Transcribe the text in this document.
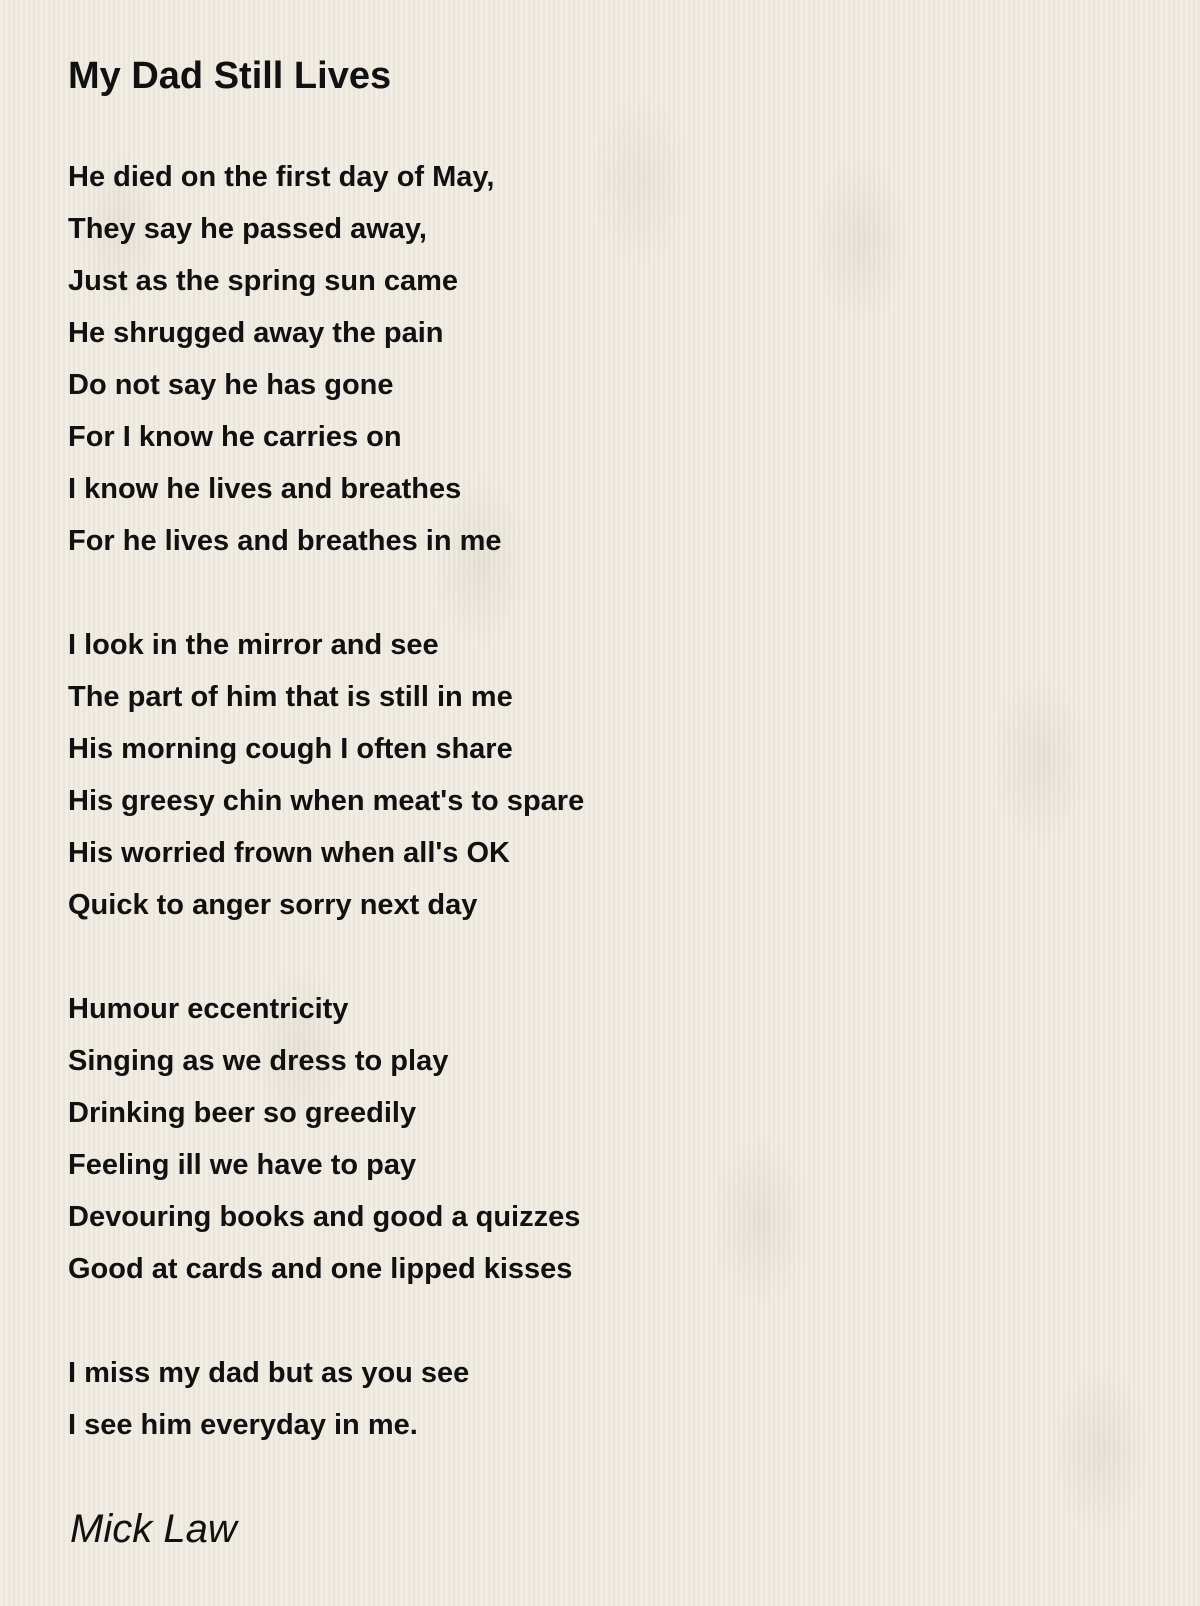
My Dad Still Lives
He died on the first day of May,
They say he passed away,
Just as the spring sun came
He shrugged away the pain
Do not say he has gone
For I know he carries on
I know he lives and breathes
For he lives and breathes in me
I look in the mirror and see
The part of him that is still in me
His morning cough I often share
His greesy chin when meat's to spare
His worried frown when all's OK
Quick to anger sorry next day
Humour eccentricity
Singing as we dress to play
Drinking beer so greedily
Feeling ill we have to pay
Devouring books and good a quizzes
Good at cards and one lipped kisses
I miss my dad but as you see
I see him everyday in me.
Mick Law
